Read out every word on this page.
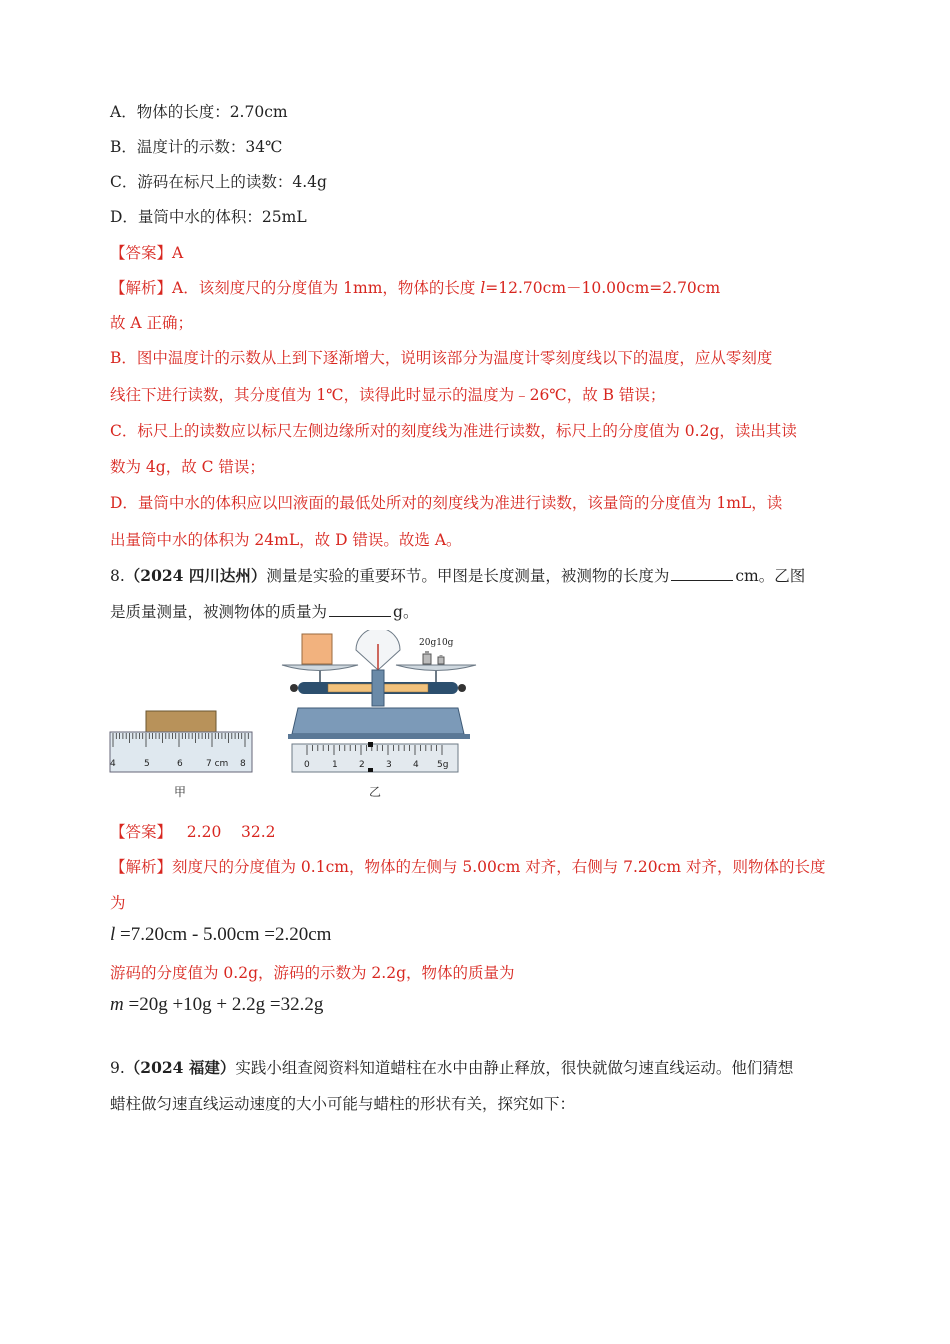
A．物体的长度：2.70cm
B．温度计的示数：34℃
C．游码在标尺上的读数：4.4g
D．量筒中水的体积：25mL
【答案】A
【解析】A．该刻度尺的分度值为 1mm，物体的长度 l=12.70cm－10.00cm=2.70cm
故 A 正确；
B．图中温度计的示数从上到下逐渐增大，说明该部分为温度计零刻度线以下的温度，应从零刻度
线往下进行读数，其分度值为 1℃，读得此时显示的温度为﹣26℃，故 B 错误；
C．标尺上的读数应以标尺左侧边缘所对的刻度线为准进行读数，标尺上的分度值为 0.2g，读出其读
数为 4g，故 C 错误；
D．量筒中水的体积应以凹液面的最低处所对的刻度线为准进行读数，该量筒的分度值为 1mL，读
出量筒中水的体积为 24mL，故 D 错误。故选 A。
8.（2024 四川达州）测量是实验的重要环节。甲图是长度测量，被测物的长度为	cm。乙图
是质量测量，被测物体的质量为	g。
4	5	6	7 cm 8
20g10g
0 1 2 3 4 5g
甲	乙
【答案】 2.20 32.2
【解析】刻度尺的分度值为 0.1cm，物体的左侧与 5.00cm 对齐，右侧与 7.20cm 对齐，则物体的长度
为
l =7.20cm - 5.00cm =2.20cm
游码的分度值为 0.2g，游码的示数为 2.2g，物体的质量为
m =20g +10g + 2.2g =32.2g
9.（2024 福建）实践小组查阅资料知道蜡柱在水中由静止释放，很快就做匀速直线运动。他们猜想
蜡柱做匀速直线运动速度的大小可能与蜡柱的形状有关，探究如下：
